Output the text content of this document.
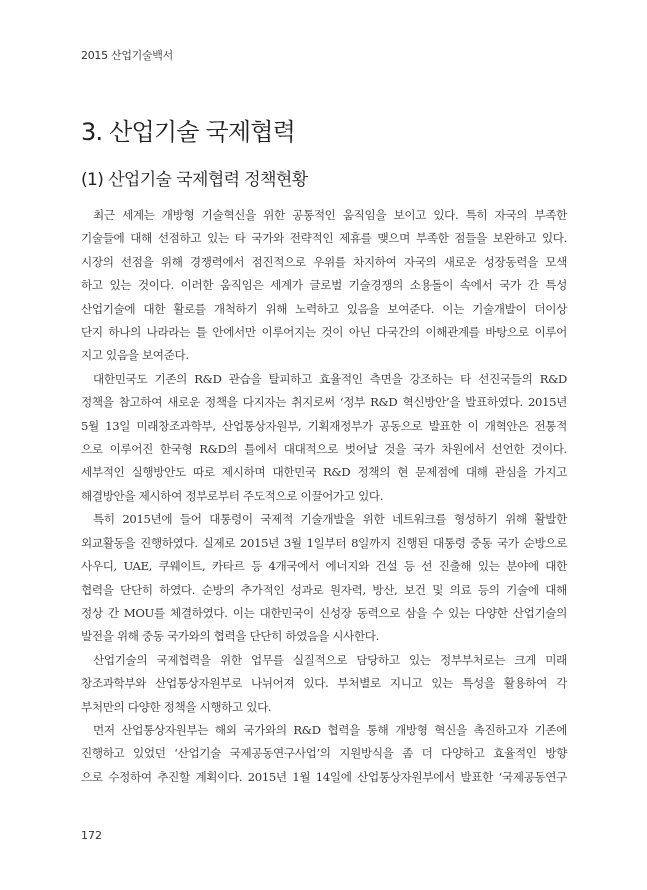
2015 산업기술백서
3. 산업기술 국제협력
(1) 산업기술 국제협력 정책현황
최근 세계는 개방형 기술혁신을 위한 공통적인 움직임을 보이고 있다. 특히 자국의 부족한
기술들에 대해 선점하고 있는 타 국가와 전략적인 제휴를 맺으며 부족한 점들을 보완하고 있다.
시장의 선점을 위해 경쟁력에서 점진적으로 우위를 차지하여 자국의 새로운 성장동력을 모색
하고 있는 것이다. 이러한 움직임은 세계가 글로벌 기술경쟁의 소용돌이 속에서 국가 간 특성
산업기술에 대한 활로를 개척하기 위해 노력하고 있음을 보여준다. 이는 기술개발이 더이상
단지 하나의 나라라는 틀 안에서만 이루어지는 것이 아닌 다국간의 이해관계를 바탕으로 이루어
지고 있음을 보여준다.
대한민국도 기존의 R&D 관습을 탈피하고 효율적인 측면을 강조하는 타 선진국들의 R&D
정책을 참고하여 새로운 정책을 다지자는 취지로써 ‘정부 R&D 혁신방안’을 발표하였다. 2015년
5월 13일 미래창조과학부, 산업통상자원부, 기획재정부가 공동으로 발표한 이 개혁안은 전통적
으로 이루어진 한국형 R&D의 틀에서 대대적으로 벗어날 것을 국가 차원에서 선언한 것이다.
세부적인 실행방안도 따로 제시하며 대한민국 R&D 정책의 현 문제점에 대해 관심을 가지고
해결방안을 제시하여 정부로부터 주도적으로 이끌어가고 있다.
특히 2015년에 들어 대통령이 국제적 기술개발을 위한 네트워크를 형성하기 위해 활발한
외교활동을 진행하였다. 실제로 2015년 3월 1일부터 8일까지 진행된 대통령 중동 국가 순방으로
사우디, UAE, 쿠웨이트, 카타르 등 4개국에서 에너지와 건설 등 선 진출해 있는 분야에 대한
협력을 단단히 하였다. 순방의 추가적인 성과로 원자력, 방산, 보건 및 의료 등의 기술에 대해
정상 간 MOU를 체결하였다. 이는 대한민국이 신성장 동력으로 삼을 수 있는 다양한 산업기술의
발전을 위해 중동 국가와의 협력을 단단히 하였음을 시사한다.
산업기술의 국제협력을 위한 업무를 실질적으로 담당하고 있는 정부부처로는 크게 미래
창조과학부와 산업통상자원부로 나뉘어져 있다. 부처별로 지니고 있는 특성을 활용하여 각
부처만의 다양한 정책을 시행하고 있다.
먼저 산업통상자원부는 해외 국가와의 R&D 협력을 통해 개방형 혁신을 촉진하고자 기존에
진행하고 있었던 ‘산업기술 국제공동연구사업’의 지원방식을 좀 더 다양하고 효율적인 방향
으로 수정하여 추진할 계획이다. 2015년 1월 14일에 산업통상자원부에서 발표한 ‘국제공동연구
172
